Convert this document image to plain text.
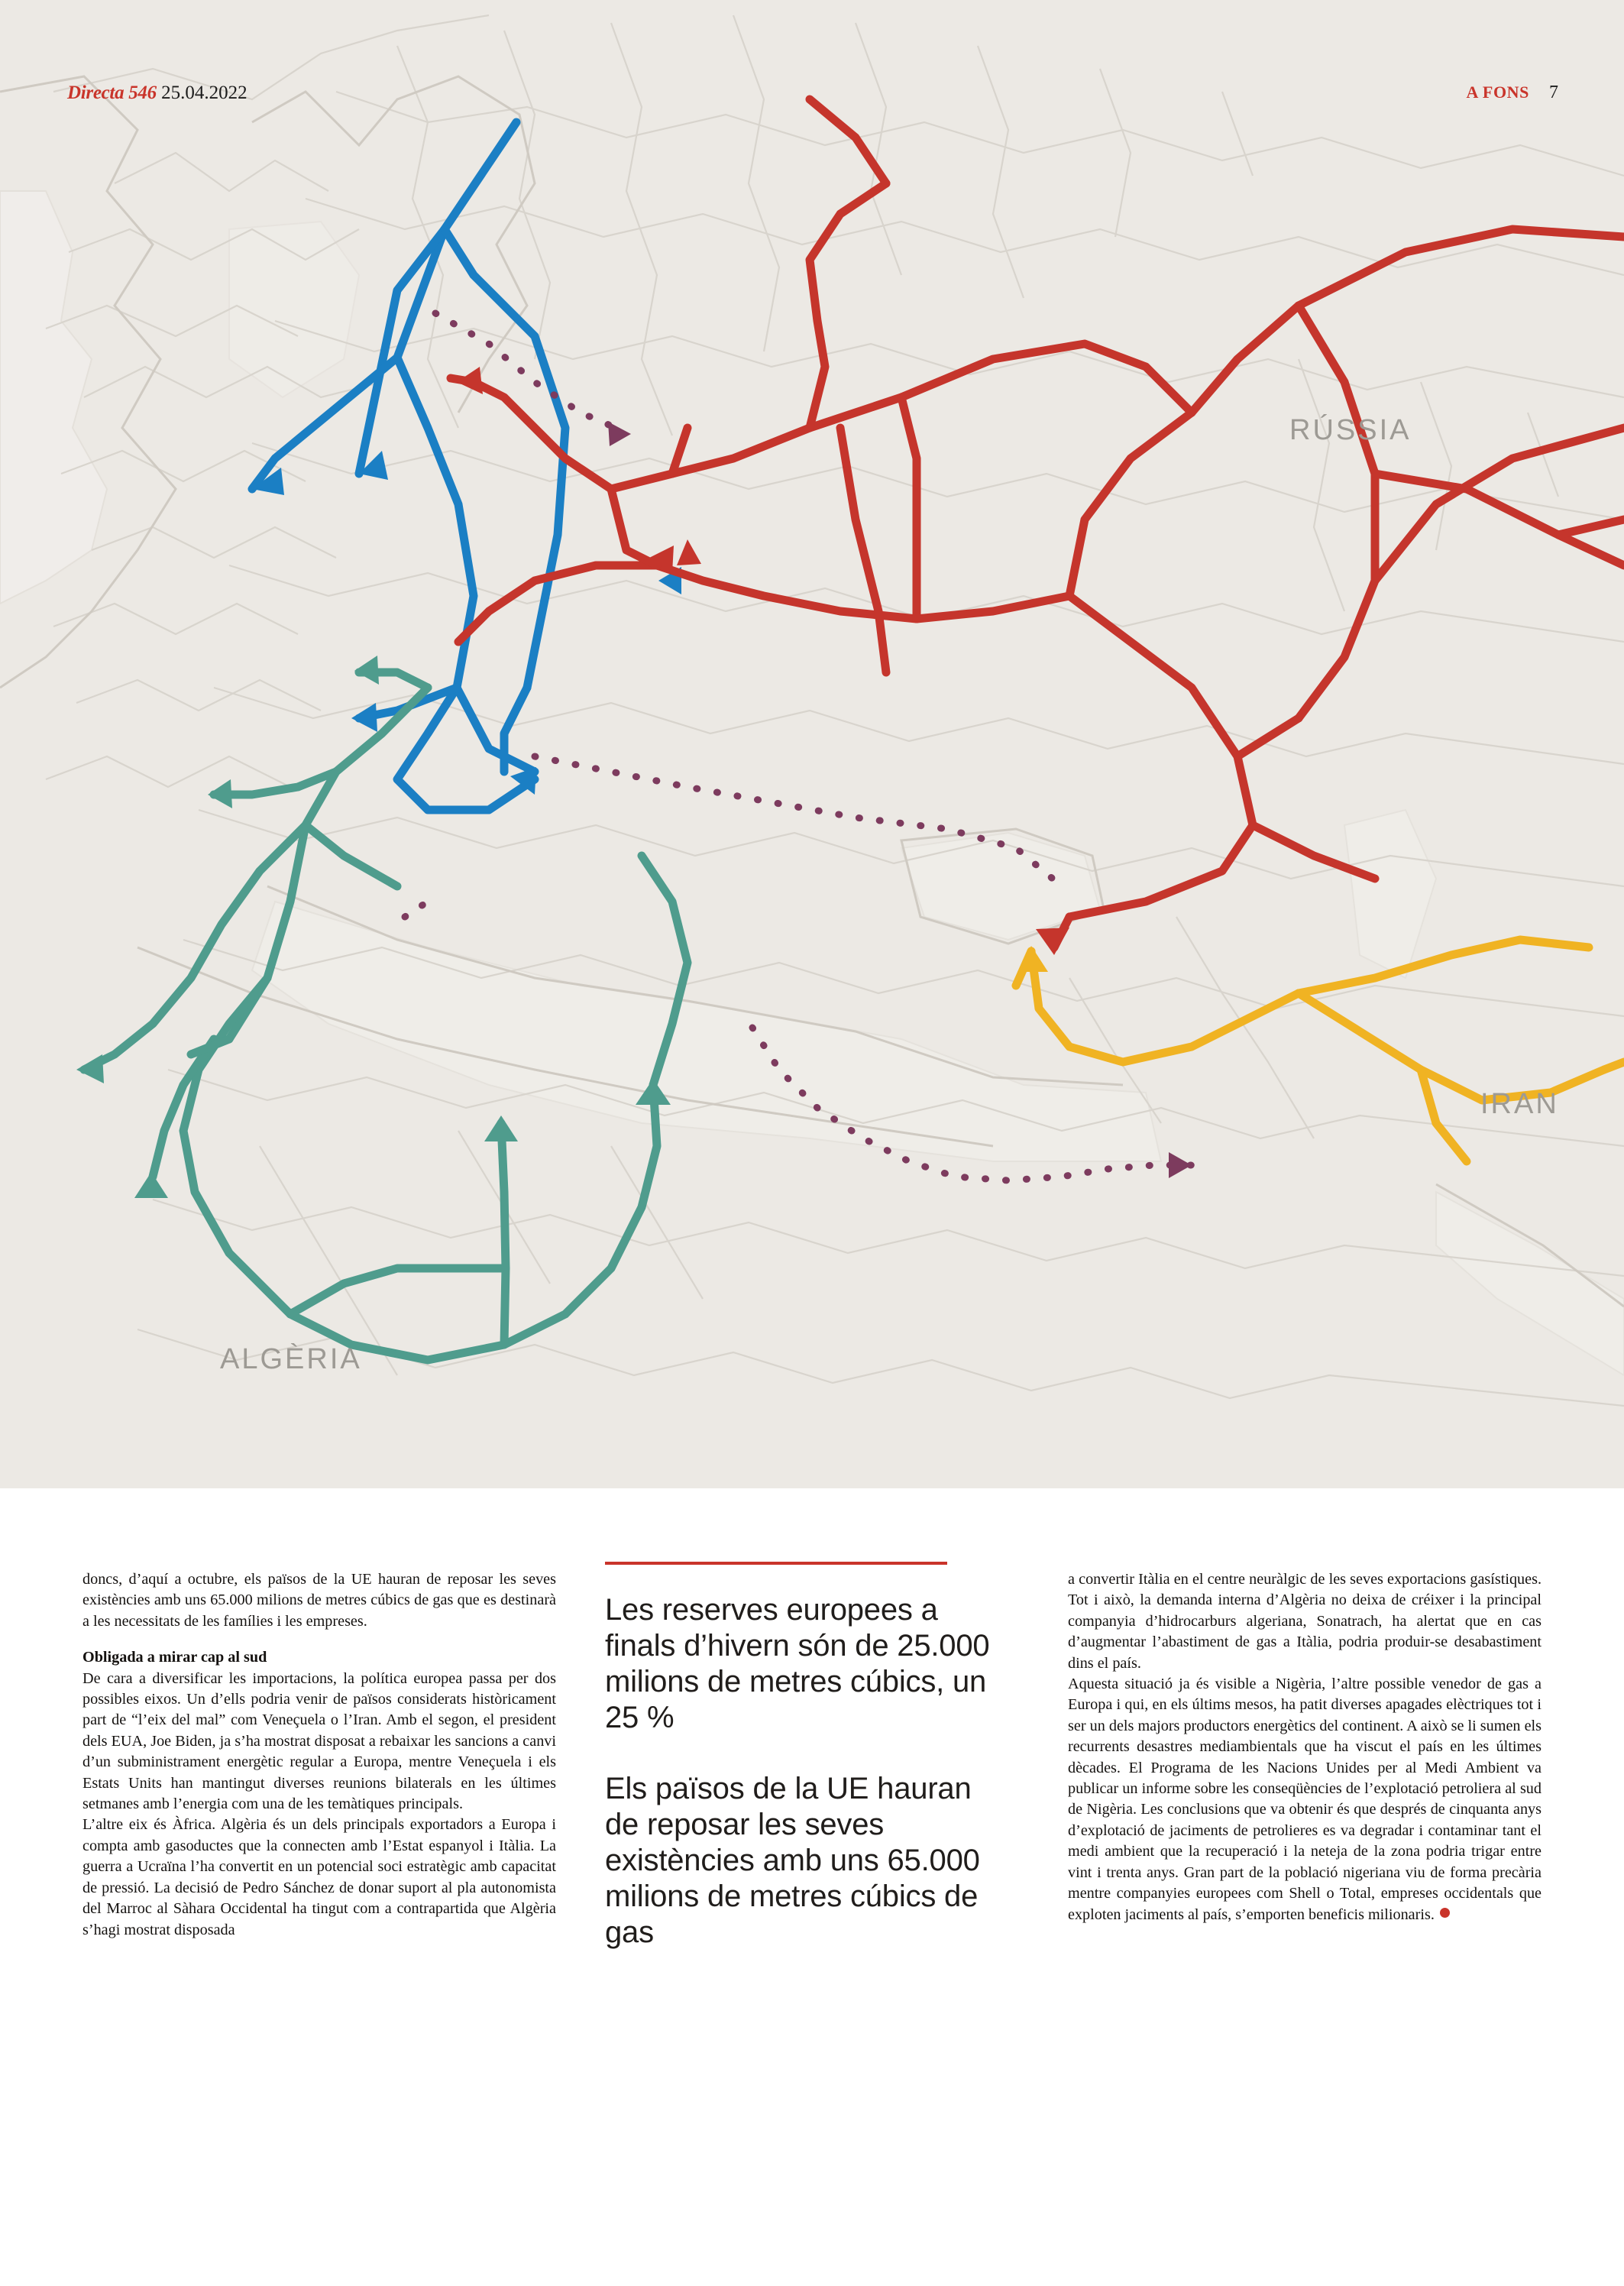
RÚSSIA
IRAN
ALGÈRIA
Directa 546 25.04.2022	A FONS 7

doncs, d’aquí a octubre, els països de la UE hauran de reposar les seves existències amb uns 65.000 milions de metres cúbics de gas que es destinarà a les necessitats de les famílies i les empreses.

Obligada a mirar cap al sud

De cara a diversificar les importacions, la política europea passa per dos possibles eixos. Un d’ells podria venir de països considerats històricament part de “l’eix del mal” com Veneçuela o l’Iran. Amb el segon, el president dels EUA, Joe Biden, ja s’ha mostrat disposat a rebaixar les sancions a canvi d’un subministrament energètic regular a Europa, mentre Veneçuela i els Estats Units han mantingut diverses reunions bilaterals en les últimes setmanes amb l’energia com una de les temàtiques principals.

L’altre eix és Àfrica. Algèria és un dels principals exportadors a Europa i compta amb gasoductes que la connecten amb l’Estat espanyol i Itàlia. La guerra a Ucraïna l’ha convertit en un potencial soci estratègic amb capacitat de pressió. La decisió de Pedro Sánchez de donar suport al pla autonomista del Marroc al Sàhara Occidental ha tingut com a contrapartida que Algèria s’hagi mostrat disposada

Les reserves europees a finals d’hivern són de 25.000 milions de metres cúbics, un 25 %
Els països de la UE hauran de reposar les seves existències amb uns 65.000 milions de metres cúbics de gas

a convertir Itàlia en el centre neuràlgic de les seves exportacions gasístiques. Tot i això, la demanda interna d’Algèria no deixa de créixer i la principal companyia d’hidrocarburs algeriana, Sonatrach, ha alertat que en cas d’augmentar l’abastiment de gas a Itàlia, podria produir-se desabastiment dins el país.

Aquesta situació ja és visible a Nigèria, l’altre possible venedor de gas a Europa i qui, en els últims mesos, ha patit diverses apagades elèctriques tot i ser un dels majors productors energètics del continent. A això se li sumen els recurrents desastres mediambientals que ha viscut el país en les últimes dècades. El Programa de les Nacions Unides per al Medi Ambient va publicar un informe sobre les conseqüències de l’explotació petroliera al sud de Nigèria. Les conclusions que va obtenir és que després de cinquanta anys d’explotació de jaciments de petrolieres es va degradar i contaminar tant el medi ambient que la recuperació i la neteja de la zona podria trigar entre vint i trenta anys. Gran part de la població nigeriana viu de forma precària mentre companyies europees com Shell o Total, empreses occidentals que exploten jaciments al país, s’emporten beneficis milionaris.
